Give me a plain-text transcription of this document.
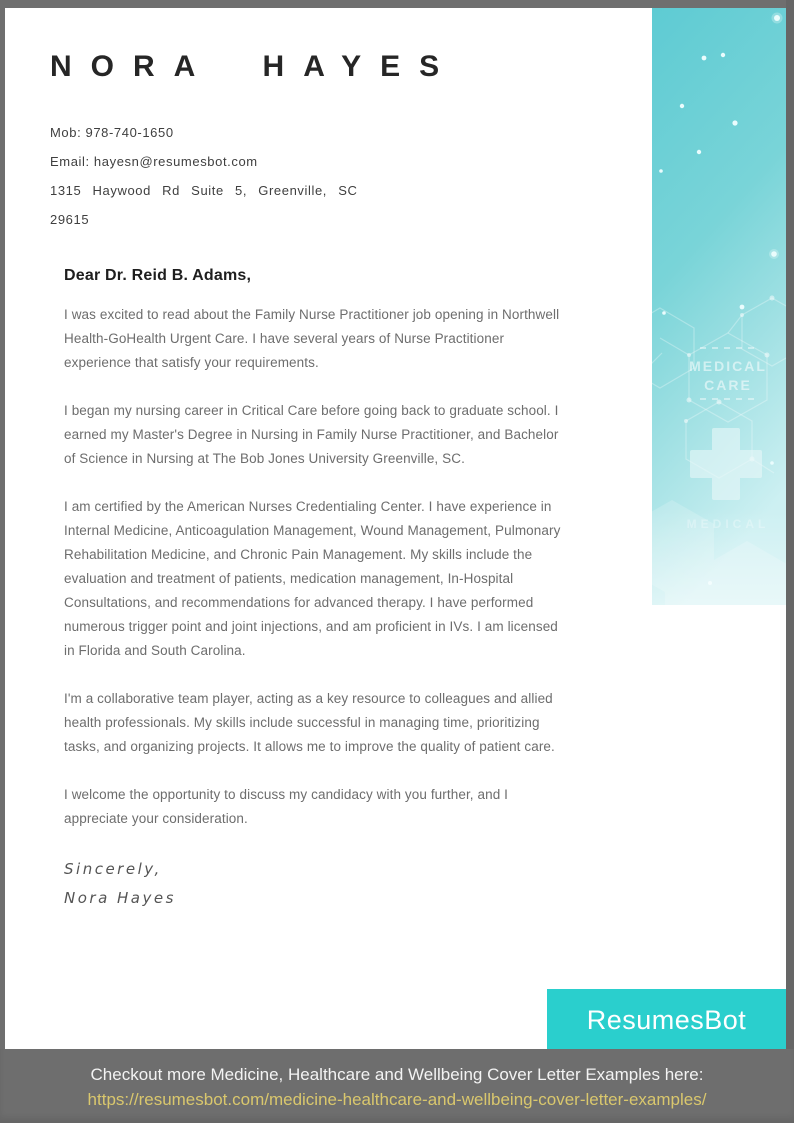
MEDICAL
CARE
NORA HAYES
Mob: 978-740-1650
Email: hayesn@resumesbot.com
1315 Haywood Rd Suite 5, Greenville, SC
29615

Dear Dr. Reid B. Adams,

I was excited to read about the Family Nurse Practitioner job opening in Northwell Health-GoHealth Urgent Care. I have several years of Nurse Practitioner experience that satisfy your requirements.

I began my nursing career in Critical Care before going back to graduate school. I earned my Master's Degree in Nursing in Family Nurse Practitioner, and Bachelor of Science in Nursing at The Bob Jones University Greenville, SC.

I am certified by the American Nurses Credentialing Center. I have experience in Internal Medicine, Anticoagulation Management, Wound Management, Pulmonary Rehabilitation Medicine, and Chronic Pain Management. My skills include the evaluation and treatment of patients, medication management, In-Hospital Consultations, and recommendations for advanced therapy. I have performed numerous trigger point and joint injections, and am proficient in IVs. I am licensed in Florida and South Carolina.

I'm a collaborative team player, acting as a key resource to colleagues and allied health professionals. My skills include successful in managing time, prioritizing tasks, and organizing projects. It allows me to improve the quality of patient care.

I welcome the opportunity to discuss my candidacy with you further, and I appreciate your consideration.

Sincerely,
Nora Hayes
ResumesBot
Checkout more Medicine, Healthcare and Wellbeing Cover Letter Examples here:
https://resumesbot.com/medicine-healthcare-and-wellbeing-cover-letter-examples/
